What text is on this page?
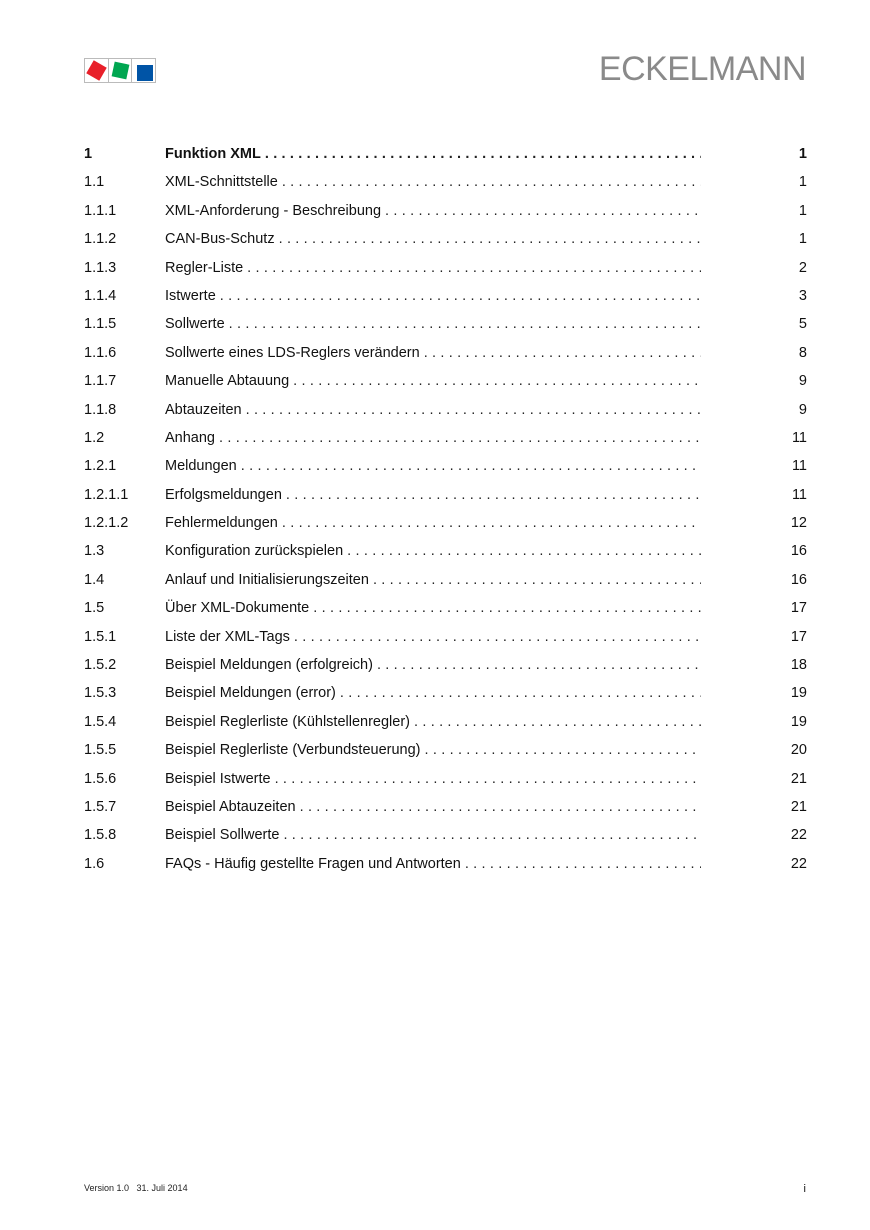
ECKELMANN
1	Funktion XML . . .	1
1.1	XML-Schnittstelle . . .	1
1.1.1	XML-Anforderung - Beschreibung . . .	1
1.1.2	CAN-Bus-Schutz . . .	1
1.1.3	Regler-Liste . . .	2
1.1.4	Istwerte . . .	3
1.1.5	Sollwerte . . .	5
1.1.6	Sollwerte eines LDS-Reglers verändern . . .	8
1.1.7	Manuelle Abtauung . . .	9
1.1.8	Abtauzeiten . . .	9
1.2	Anhang . . .	11
1.2.1	Meldungen . . .	11
1.2.1.1	Erfolgsmeldungen . . .	11
1.2.1.2	Fehlermeldungen . . .	12
1.3	Konfiguration zurückspielen . . .	16
1.4	Anlauf und Initialisierungszeiten . . .	16
1.5	Über XML-Dokumente . . .	17
1.5.1	Liste der XML-Tags . . .	17
1.5.2	Beispiel Meldungen (erfolgreich) . . .	18
1.5.3	Beispiel Meldungen (error) . . .	19
1.5.4	Beispiel Reglerliste (Kühlstellenregler) . . .	19
1.5.5	Beispiel Reglerliste (Verbundsteuerung) . . .	20
1.5.6	Beispiel Istwerte . . .	21
1.5.7	Beispiel Abtauzeiten . . .	21
1.5.8	Beispiel Sollwerte . . .	22
1.6	FAQs - Häufig gestellte Fragen und Antworten . . .	22
Version 1.0   31. Juli 2014	i
